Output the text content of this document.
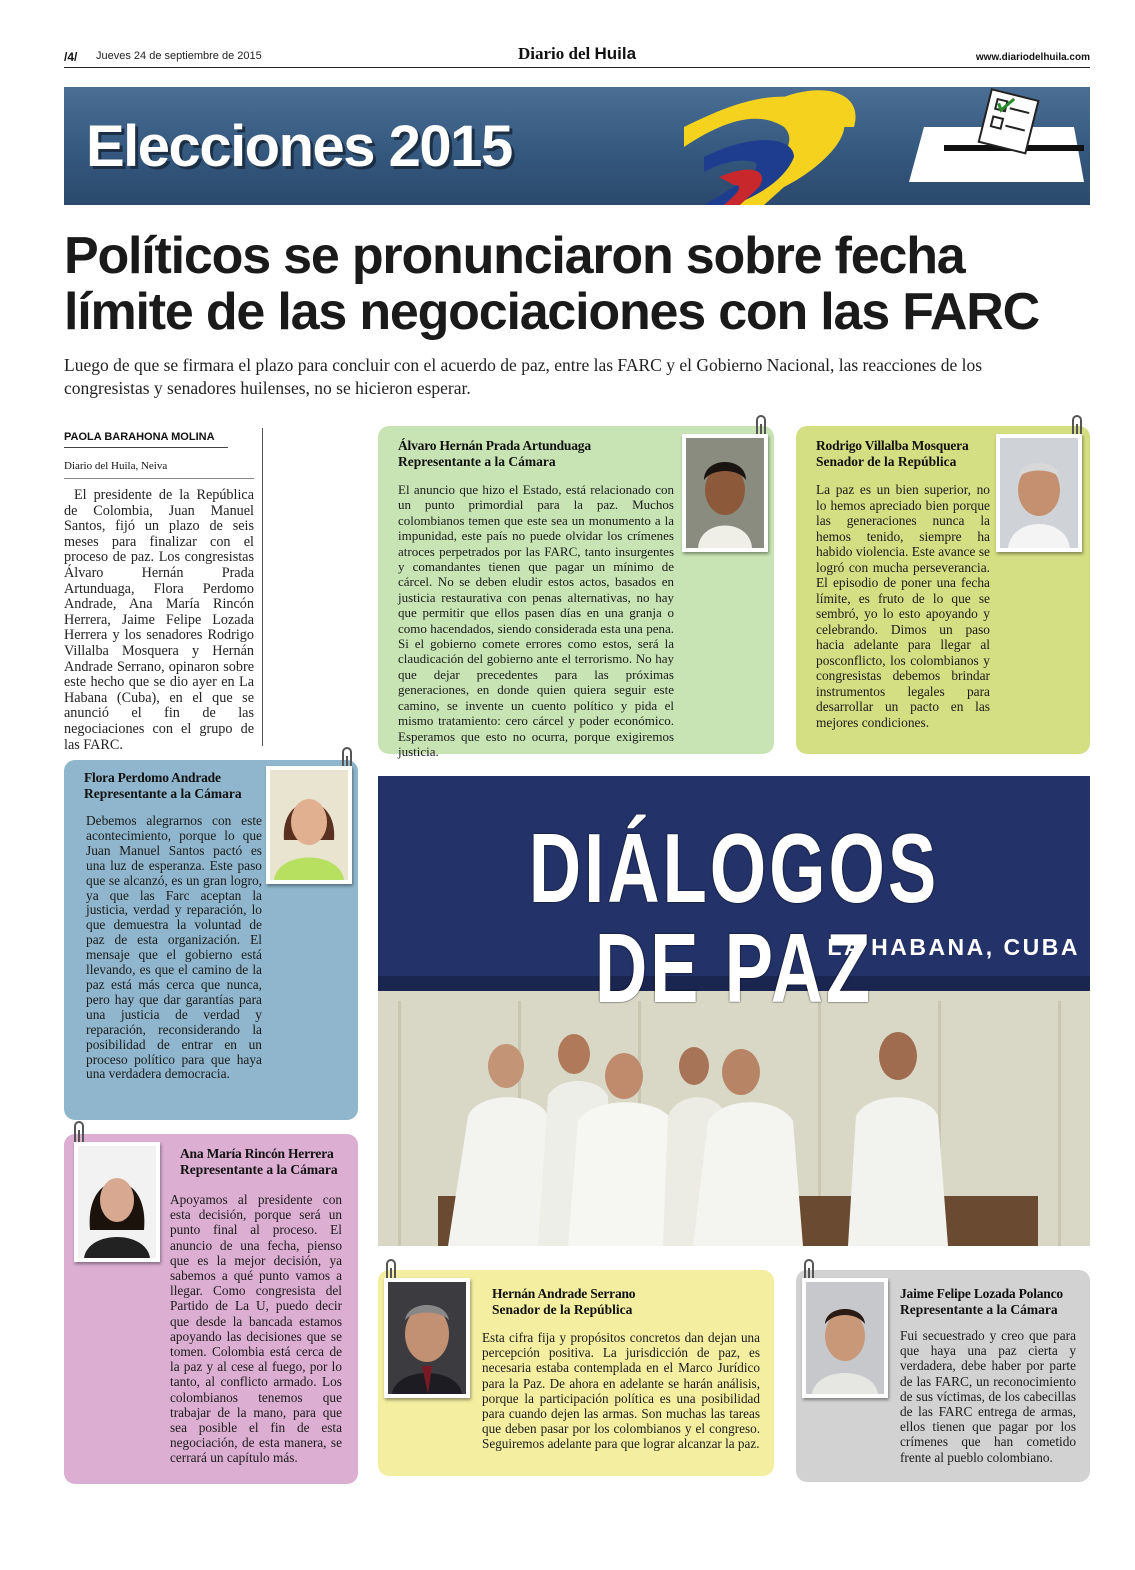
/4/ Jueves 24 de septiembre de 2015	Diario del Huila	www.diariodelhuila.com
Elecciones 2015
Políticos se pronunciaron sobre fecha
límite de las negociaciones con las FARC

Luego de que se firmara el plazo para concluir con el acuerdo de paz, entre las FARC y el Gobierno Nacional, las reacciones de los congresistas y senadores huilenses, no se hicieron esperar.

PAOLA BARAHONA MOLINA
Diario del Huila, Neiva

El presidente de la República de Colombia, Juan Manuel Santos, fijó un plazo de seis meses para finalizar con el proceso de paz. Los congresistas Álvaro Hernán Prada Artunduaga, Flora Perdomo Andrade, Ana María Rincón Herrera, Jaime Felipe Lozada Herrera y los senadores Rodrigo Villalba Mosquera y Hernán Andrade Serrano, opinaron sobre este hecho que se dio ayer en La Habana (Cuba), en el que se anunció el fin de las negociaciones con el grupo de las FARC.

Álvaro Hernán Prada Artunduaga
Representante a la Cámara
El anuncio que hizo el Estado, está relacionado con un punto primordial para la paz. Muchos colombianos temen que este sea un monumento a la impunidad, este país no puede olvidar los crímenes atroces perpetrados por las FARC, tanto insurgentes y comandantes tienen que pagar un mínimo de cárcel. No se deben eludir estos actos, basados en justicia restaurativa con penas alternativas, no hay que permitir que ellos pasen días en una granja o como hacendados, siendo considerada esta una pena. Si el gobierno comete errores como estos, será la claudicación del gobierno ante el terrorismo. No hay que dejar precedentes para las próximas generaciones, en donde quien quiera seguir este camino, se invente un cuento político y pida el mismo tratamiento: cero cárcel y poder económico. Esperamos que esto no ocurra, porque exigiremos justicia.
Rodrigo Villalba Mosquera
Senador de la República
La paz es un bien superior, no lo hemos apreciado bien porque las generaciones nunca la hemos tenido, siempre ha habido violencia. Este avance se logró con mucha perseverancia. El episodio de poner una fecha límite, es fruto de lo que se sembró, yo lo esto apoyando y celebrando. Dimos un paso hacia adelante para llegar al posconflicto, los colombianos y congresistas debemos brindar instrumentos legales para desarrollar un pacto en las mejores condiciones.
Flora Perdomo Andrade
Representante a la Cámara
Debemos alegrarnos con este acontecimiento, porque lo que Juan Manuel Santos pactó es una luz de esperanza. Este paso que se alcanzó, es un gran logro, ya que las Farc aceptan la justicia, verdad y reparación, lo que demuestra la voluntad de paz de esta organización. El mensaje que el gobierno está llevando, es que el camino de la paz está más cerca que nunca, pero hay que dar garantías para una justicia de verdad y reparación, reconsiderando la posibilidad de entrar en un proceso político para que haya una verdadera democracia.
Ana María Rincón Herrera
Representante a la Cámara
Apoyamos al presidente con esta decisión, porque será un punto final al proceso. El anuncio de una fecha, pienso que es la mejor decisión, ya sabemos a qué punto vamos a llegar. Como congresista del Partido de La U, puedo decir que desde la bancada estamos apoyando las decisiones que se tomen. Colombia está cerca de la paz y al cese al fuego, por lo tanto, al conflicto armado. Los colombianos tenemos que trabajar de la mano, para que sea posible el fin de esta negociación, de esta manera, se cerrará un capítulo más.
DIÁLOGOS DE PAZ
LA HABANA, CUBA
Hernán Andrade Serrano
Senador de la República
Esta cifra fija y propósitos concretos dan dejan una percepción positiva. La jurisdicción de paz, es necesaria estaba contemplada en el Marco Jurídico para la Paz. De ahora en adelante se harán análisis, porque la participación política es una posibilidad para cuando dejen las armas. Son muchas las tareas que deben pasar por los colombianos y el congreso. Seguiremos adelante para que lograr alcanzar la paz.
Jaime Felipe Lozada Polanco
Representante a la Cámara
Fui secuestrado y creo que para que haya una paz cierta y verdadera, debe haber por parte de las FARC, un reconocimiento de sus víctimas, de los cabecillas de las FARC entrega de armas, ellos tienen que pagar por los crímenes que han cometido frente al pueblo colombiano.
